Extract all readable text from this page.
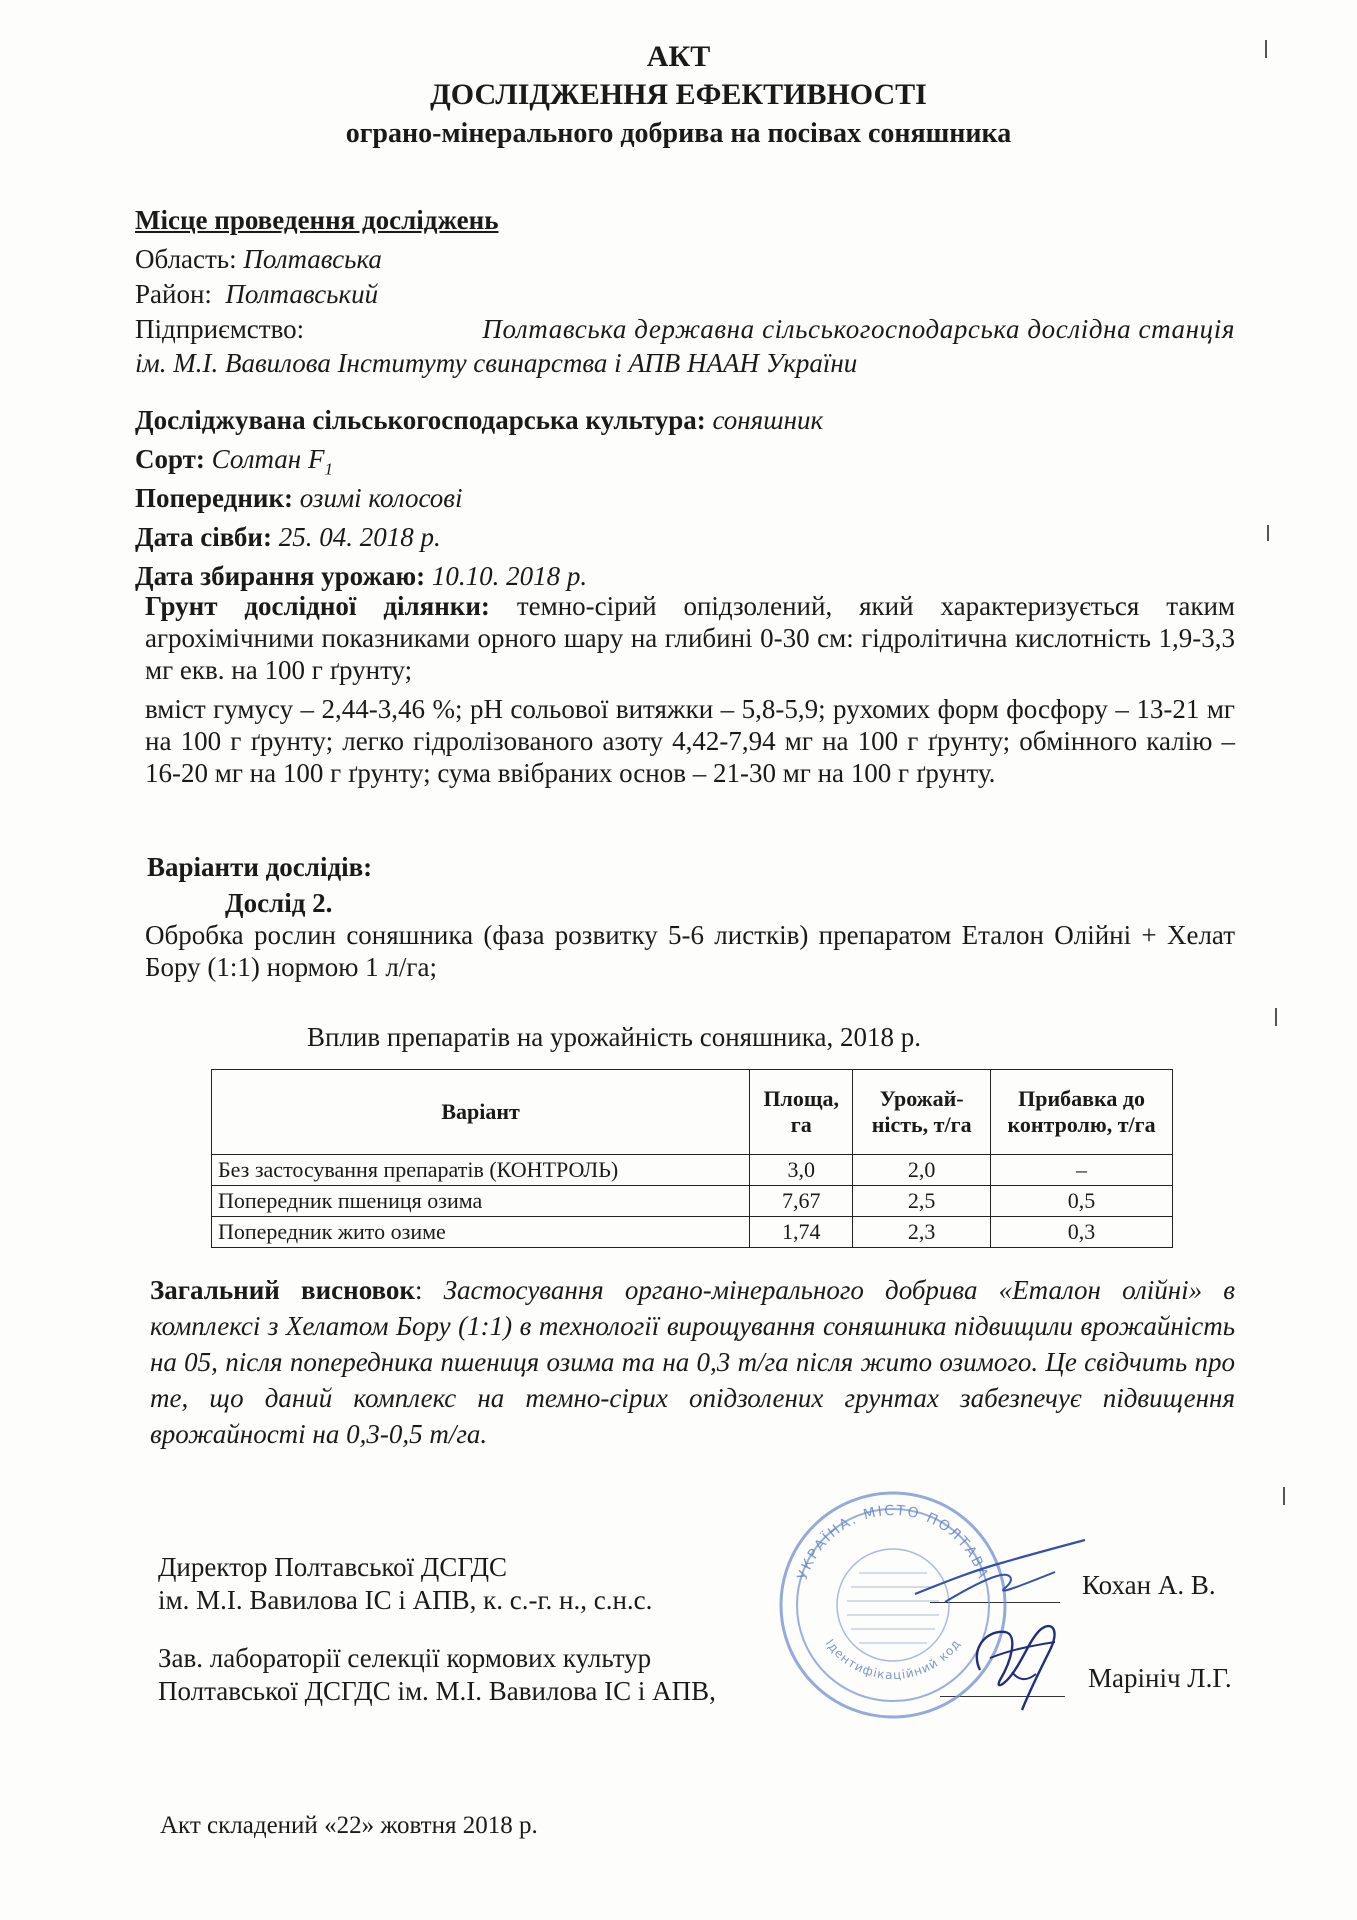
АКТ
ДОСЛІДЖЕННЯ ЕФЕКТИВНОСТІ
ограно-мінерального добрива на посівах соняшника
Місце проведення досліджень
Область: Полтавська
Район: Полтавський
Підприємство:	Полтавська державна сільськогосподарська дослідна станція
ім. М.І. Вавилова Інституту свинарства і АПВ НААН України
Досліджувана сільськогосподарська культура: соняшник
Сорт: Солтан $F_1$
Попередник: озимі колосові
Дата сівби: 25. 04. 2018 р.
Дата збирання урожаю: 10.10. 2018 р.
Грунт дослідної ділянки: темно-сірий опідзолений, який характеризується таким агрохімічними показниками орного шару на глибині 0-30 см: гідролітична кислотність 1,9-3,3 мг екв. на 100 г ґрунту;
вміст гумусу – 2,44-3,46 %; pH сольової витяжки – 5,8-5,9; рухомих форм фосфору – 13-21 мг на 100 г ґрунту; легко гідролізованого азоту 4,42-7,94 мг на 100 г ґрунту; обмінного калію – 16-20 мг на 100 г ґрунту; сума ввібраних основ – 21-30 мг на 100 г ґрунту.
Варіанти дослідів:
Дослід 2.
Обробка рослин соняшника (фаза розвитку 5-6 листків) препаратом Еталон Олійні + Хелат Бору (1:1) нормою 1 л/га;
Вплив препаратів на урожайність соняшника, 2018 р.
Варіант	Площа, га	Урожай-ність, т/га	Прибавка до контролю, т/га
Без застосування препаратів (КОНТРОЛЬ)	3,0	2,0	–
Попередник пшениця озима	7,67	2,5	0,5
Попередник жито озиме	1,74	2,3	0,3
Загальний висновок: Застосування органо-мінерального добрива «Еталон олійні» в комплексі з Хелатом Бору (1:1) в технології вирощування соняшника підвищили врожайність на 05, після попередника пшениця озима та на 0,3 т/га після жито озимого. Це свідчить про те, що даний комплекс на темно-сірих опідзолених грунтах забезпечує підвищення врожайності на 0,3-0,5 т/га.
Директор Полтавської ДСГДС
ім. М.І. Вавилова ІС і АПВ, к. с.-г. н., с.н.с.	Кохан А. В.
Зав. лабораторії селекції кормових культур
Полтавської ДСГДС ім. М.І. Вавилова ІС і АПВ,	Марініч Л.Г.
УКРАЇНА. МІСТО ПОЛТАВА
Ідентифікаційний код
Акт складений «22» жовтня 2018 р.
